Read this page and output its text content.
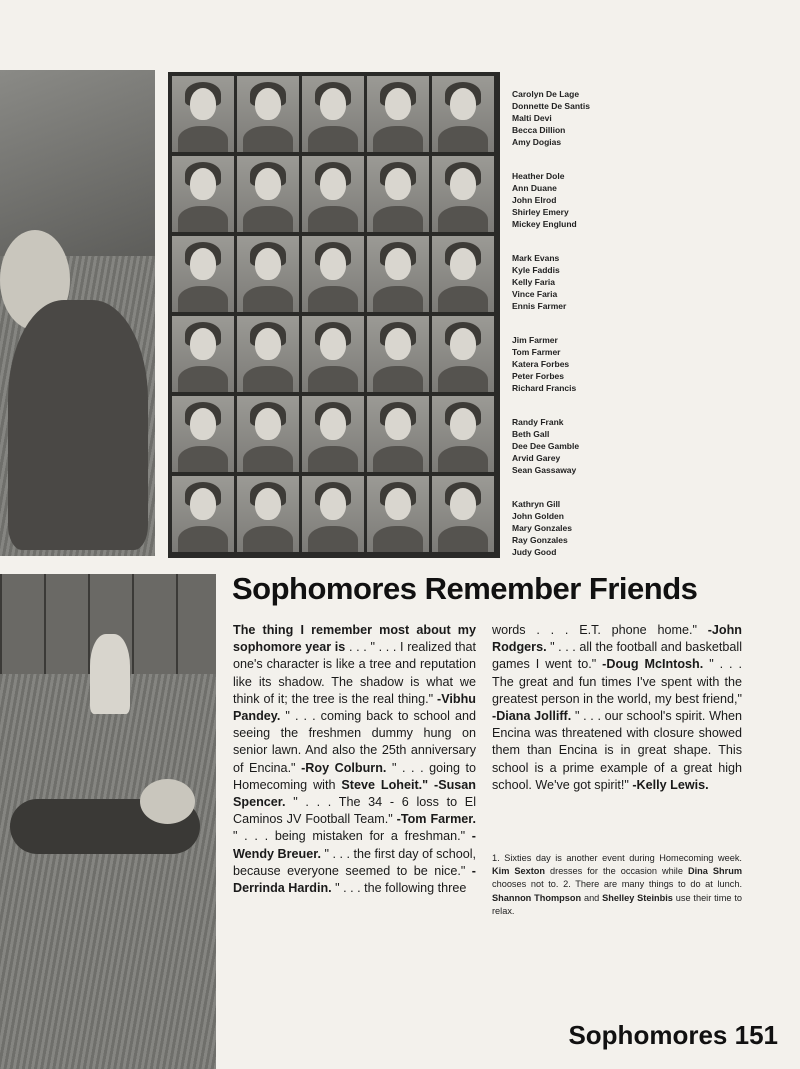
Carolyn De Lage
Donnette De Santis
Malti Devi
Becca Dillion
Amy Dogias
Heather Dole
Ann Duane
John Elrod
Shirley Emery
Mickey Englund
Mark Evans
Kyle Faddis
Kelly Faria
Vince Faria
Ennis Farmer
Jim Farmer
Tom Farmer
Katera Forbes
Peter Forbes
Richard Francis
Randy Frank
Beth Gall
Dee Dee Gamble
Arvid Garey
Sean Gassaway
Kathryn Gill
John Golden
Mary Gonzales
Ray Gonzales
Judy Good
Sophomores Remember Friends
The thing I remember most about my sophomore year is . . . " . . . I realized that one's character is like a tree and reputation like its shadow. The shadow is what we think of it; the tree is the real thing." -Vibhu Pandey. " . . . coming back to school and seeing the freshmen dummy hung on senior lawn. And also the 25th anniversary of Encina." -Roy Colburn. " . . . going to Homecoming with Steve Loheit." -Susan Spencer. " . . . The 34 - 6 loss to El Caminos JV Football Team." -Tom Farmer. " . . . being mistaken for a freshman." -Wendy Breuer. " . . . the first day of school, because everyone seemed to be nice." -Derrinda Hardin. " . . . the following three
words . . . E.T. phone home." -John Rodgers. " . . . all the football and basketball games I went to." -Doug McIntosh. " . . . The great and fun times I've spent with the greatest person in the world, my best friend," -Diana Jolliff. " . . . our school's spirit. When Encina was threatened with closure showed them than Encina is in great shape. This school is a prime example of a great high school. We've got spirit!" -Kelly Lewis.
1. Sixties day is another event during Homecoming week. Kim Sexton dresses for the occasion while Dina Shrum chooses not to. 2. There are many things to do at lunch. Shannon Thompson and Shelley Steinbis use their time to relax.
Sophomores 151
